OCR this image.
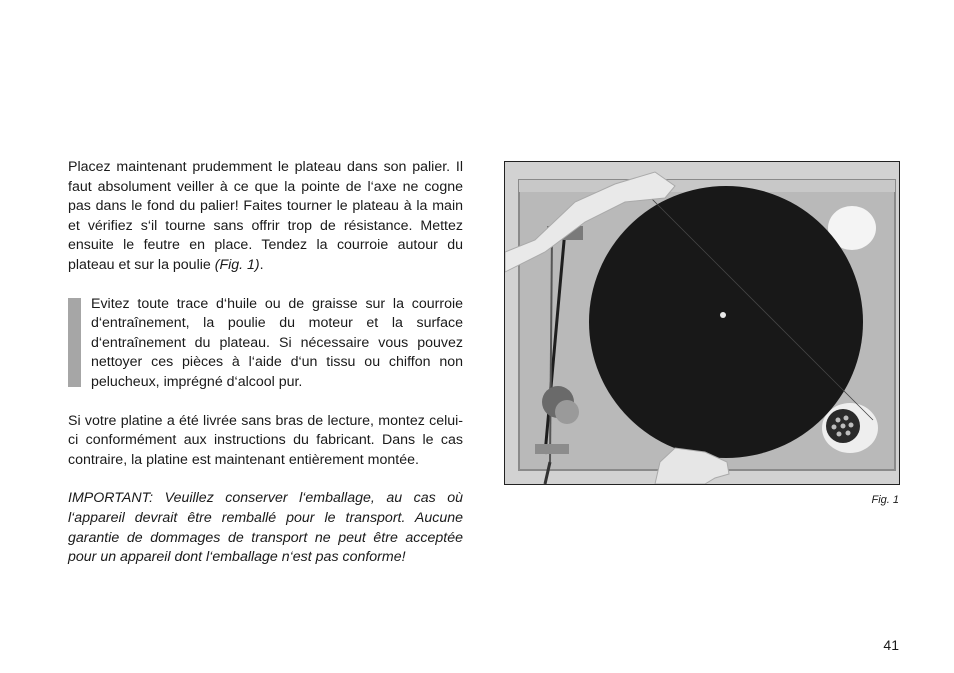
Placez maintenant prudemment le plateau dans son palier. Il faut absolument veiller à ce que la pointe de l‘axe ne cogne pas dans le fond du palier! Faites tourner le plateau à la main et vérifiez s‘il tourne sans offrir trop de résistance. Mettez ensuite le feutre en place. Tendez la courroie autour du plateau et sur la poulie (Fig. 1).

Evitez toute trace d‘huile ou de graisse sur la courroie d‘entraînement, la poulie du moteur et la surface d‘entraînement du plateau. Si nécessaire vous pouvez nettoyer ces pièces à l‘aide d‘un tissu ou chiffon non pelucheux, imprégné d‘alcool pur.

Si votre platine a été livrée sans bras de lecture, montez celui-ci conformément aux instructions du fabricant. Dans le cas contraire, la platine est maintenant entièrement montée.

IMPORTANT: Veuillez conserver l‘emballage, au cas où l‘appareil devrait être remballé pour le transport. Aucune garantie de dommages de transport ne peut être acceptée pour un appareil dont l‘emballage n‘est pas conforme!

Fig. 1
41
